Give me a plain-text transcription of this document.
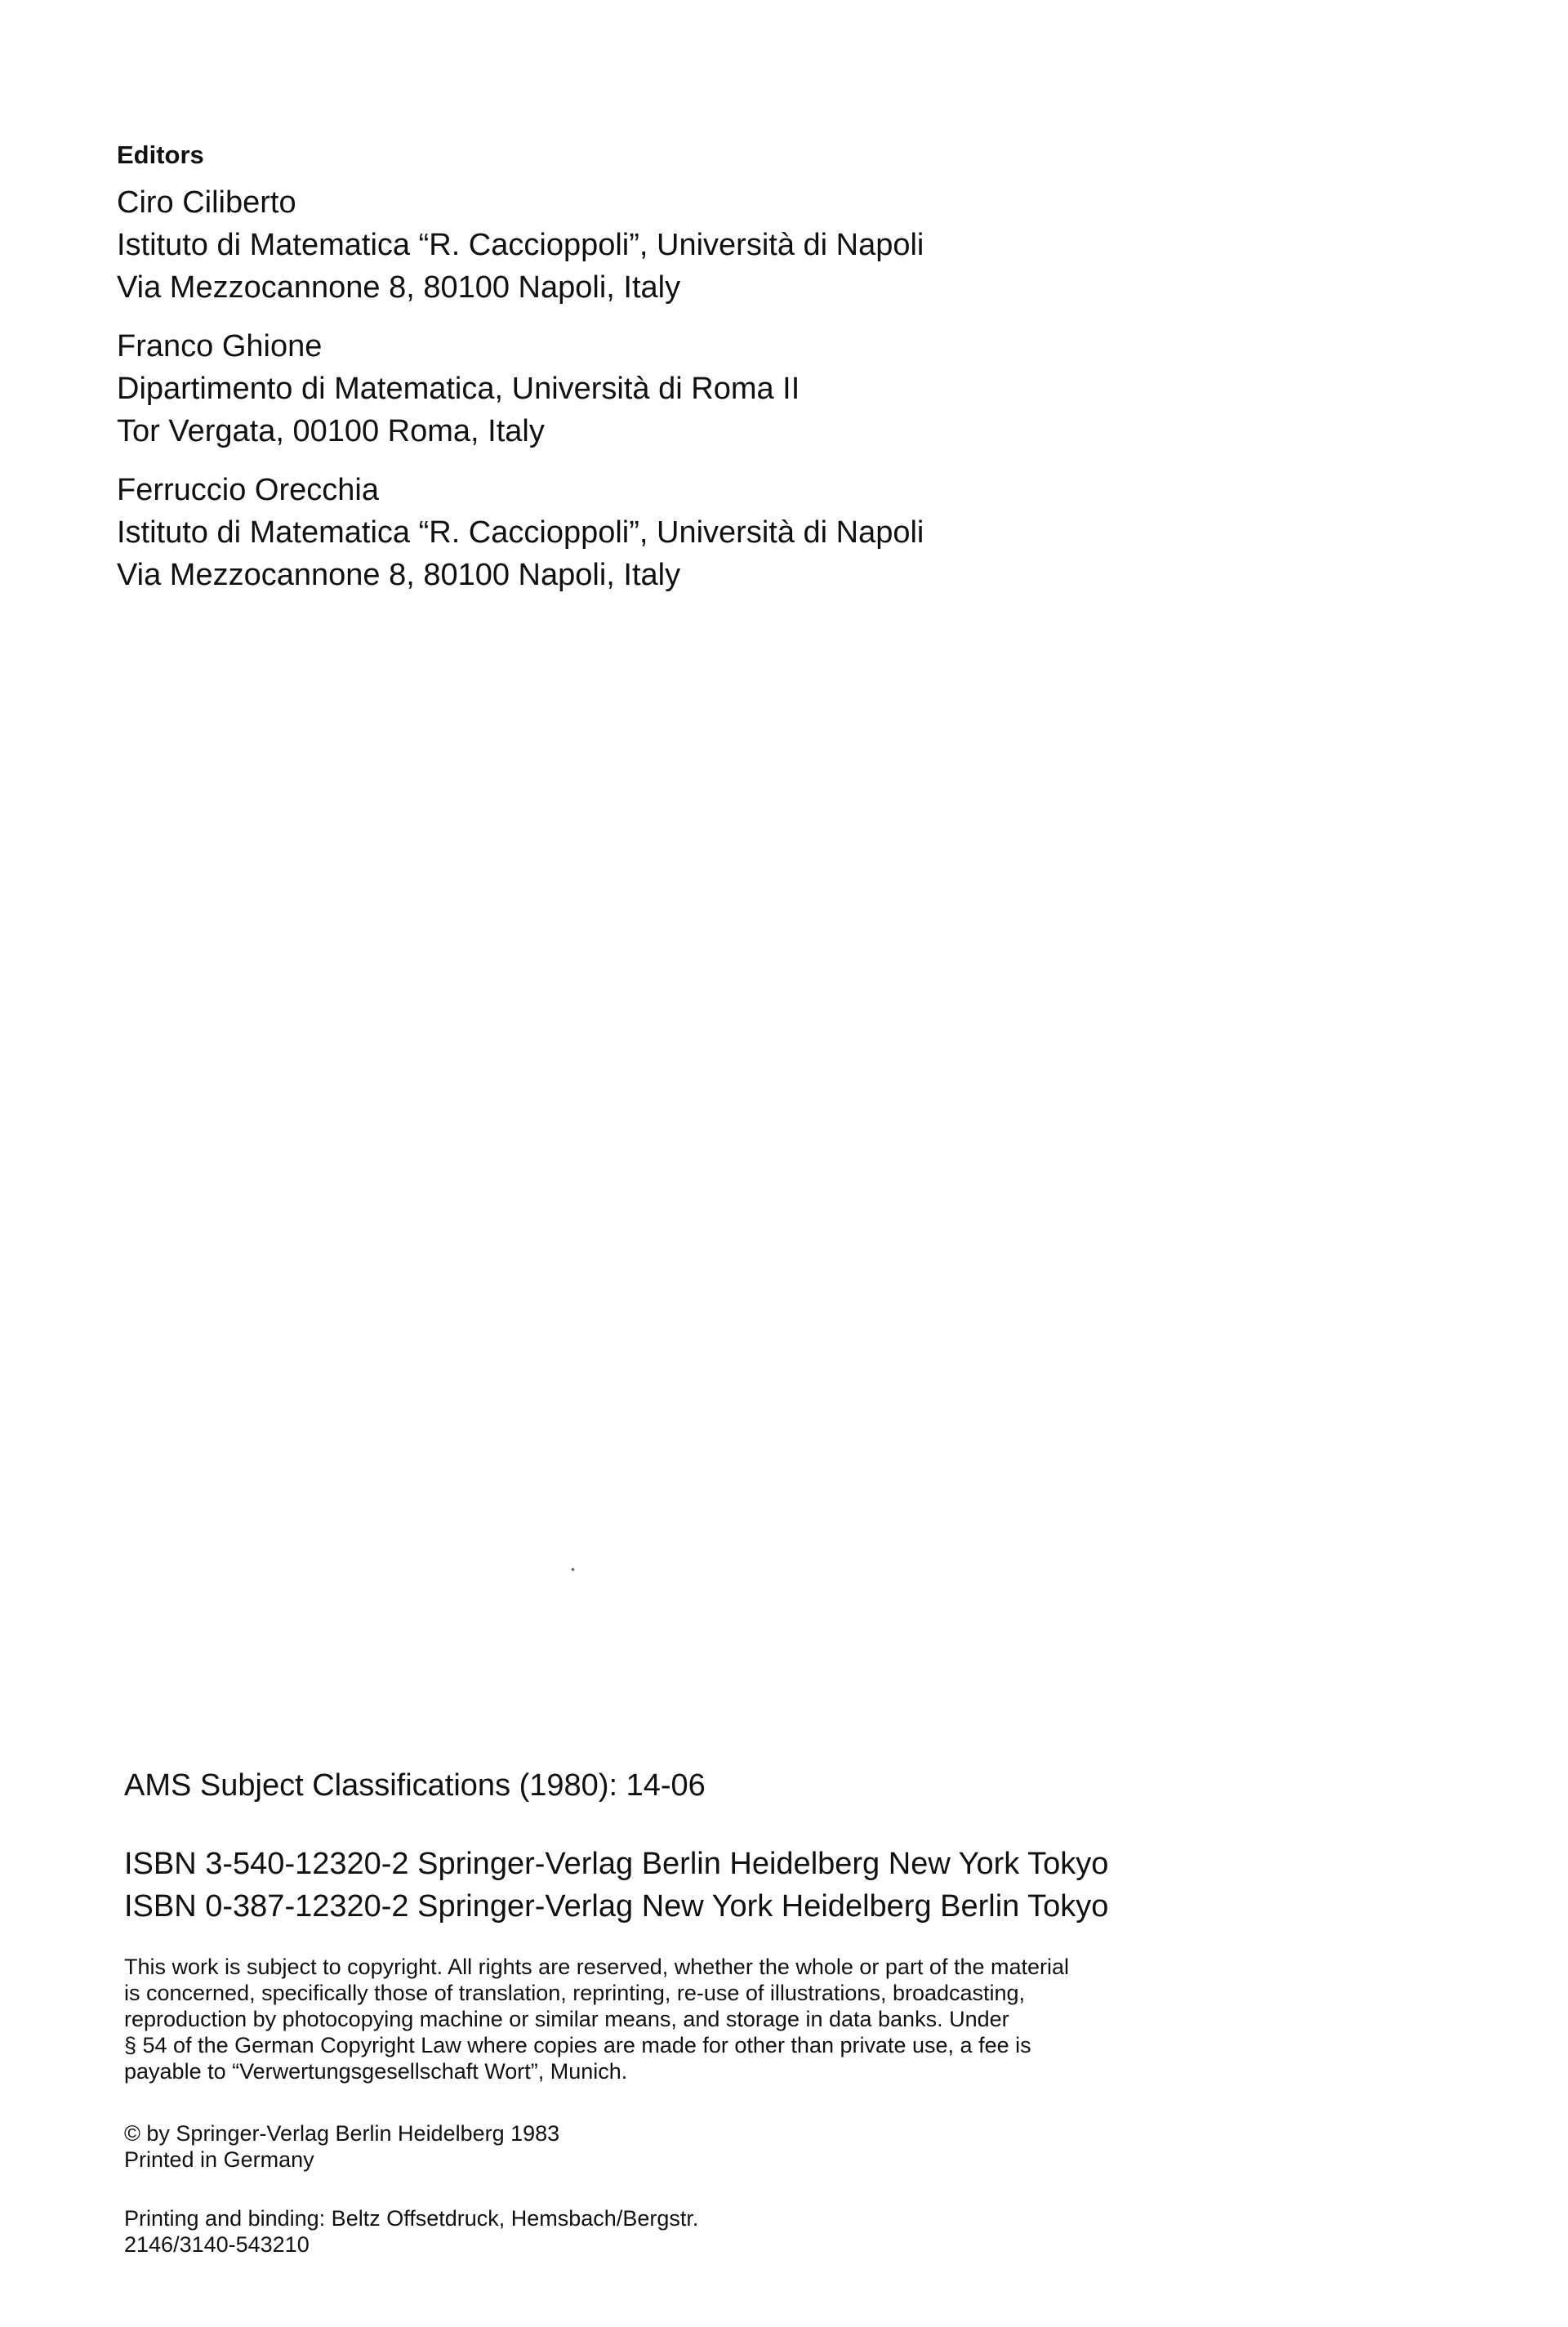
Editors
Ciro Ciliberto
Istituto di Matematica “R. Caccioppoli”, Università di Napoli
Via Mezzocannone 8, 80100 Napoli, Italy
Franco Ghione
Dipartimento di Matematica, Università di Roma II
Tor Vergata, 00100 Roma, Italy
Ferruccio Orecchia
Istituto di Matematica “R. Caccioppoli”, Università di Napoli
Via Mezzocannone 8, 80100 Napoli, Italy
AMS Subject Classifications (1980): 14-06
ISBN 3-540-12320-2 Springer-Verlag Berlin Heidelberg New York Tokyo
ISBN 0-387-12320-2 Springer-Verlag New York Heidelberg Berlin Tokyo
This work is subject to copyright. All rights are reserved, whether the whole or part of the material
is concerned, specifically those of translation, reprinting, re-use of illustrations, broadcasting,
reproduction by photocopying machine or similar means, and storage in data banks. Under
§ 54 of the German Copyright Law where copies are made for other than private use, a fee is
payable to “Verwertungsgesellschaft Wort”, Munich.
© by Springer-Verlag Berlin Heidelberg 1983
Printed in Germany
Printing and binding: Beltz Offsetdruck, Hemsbach/Bergstr.
2146/3140-543210
